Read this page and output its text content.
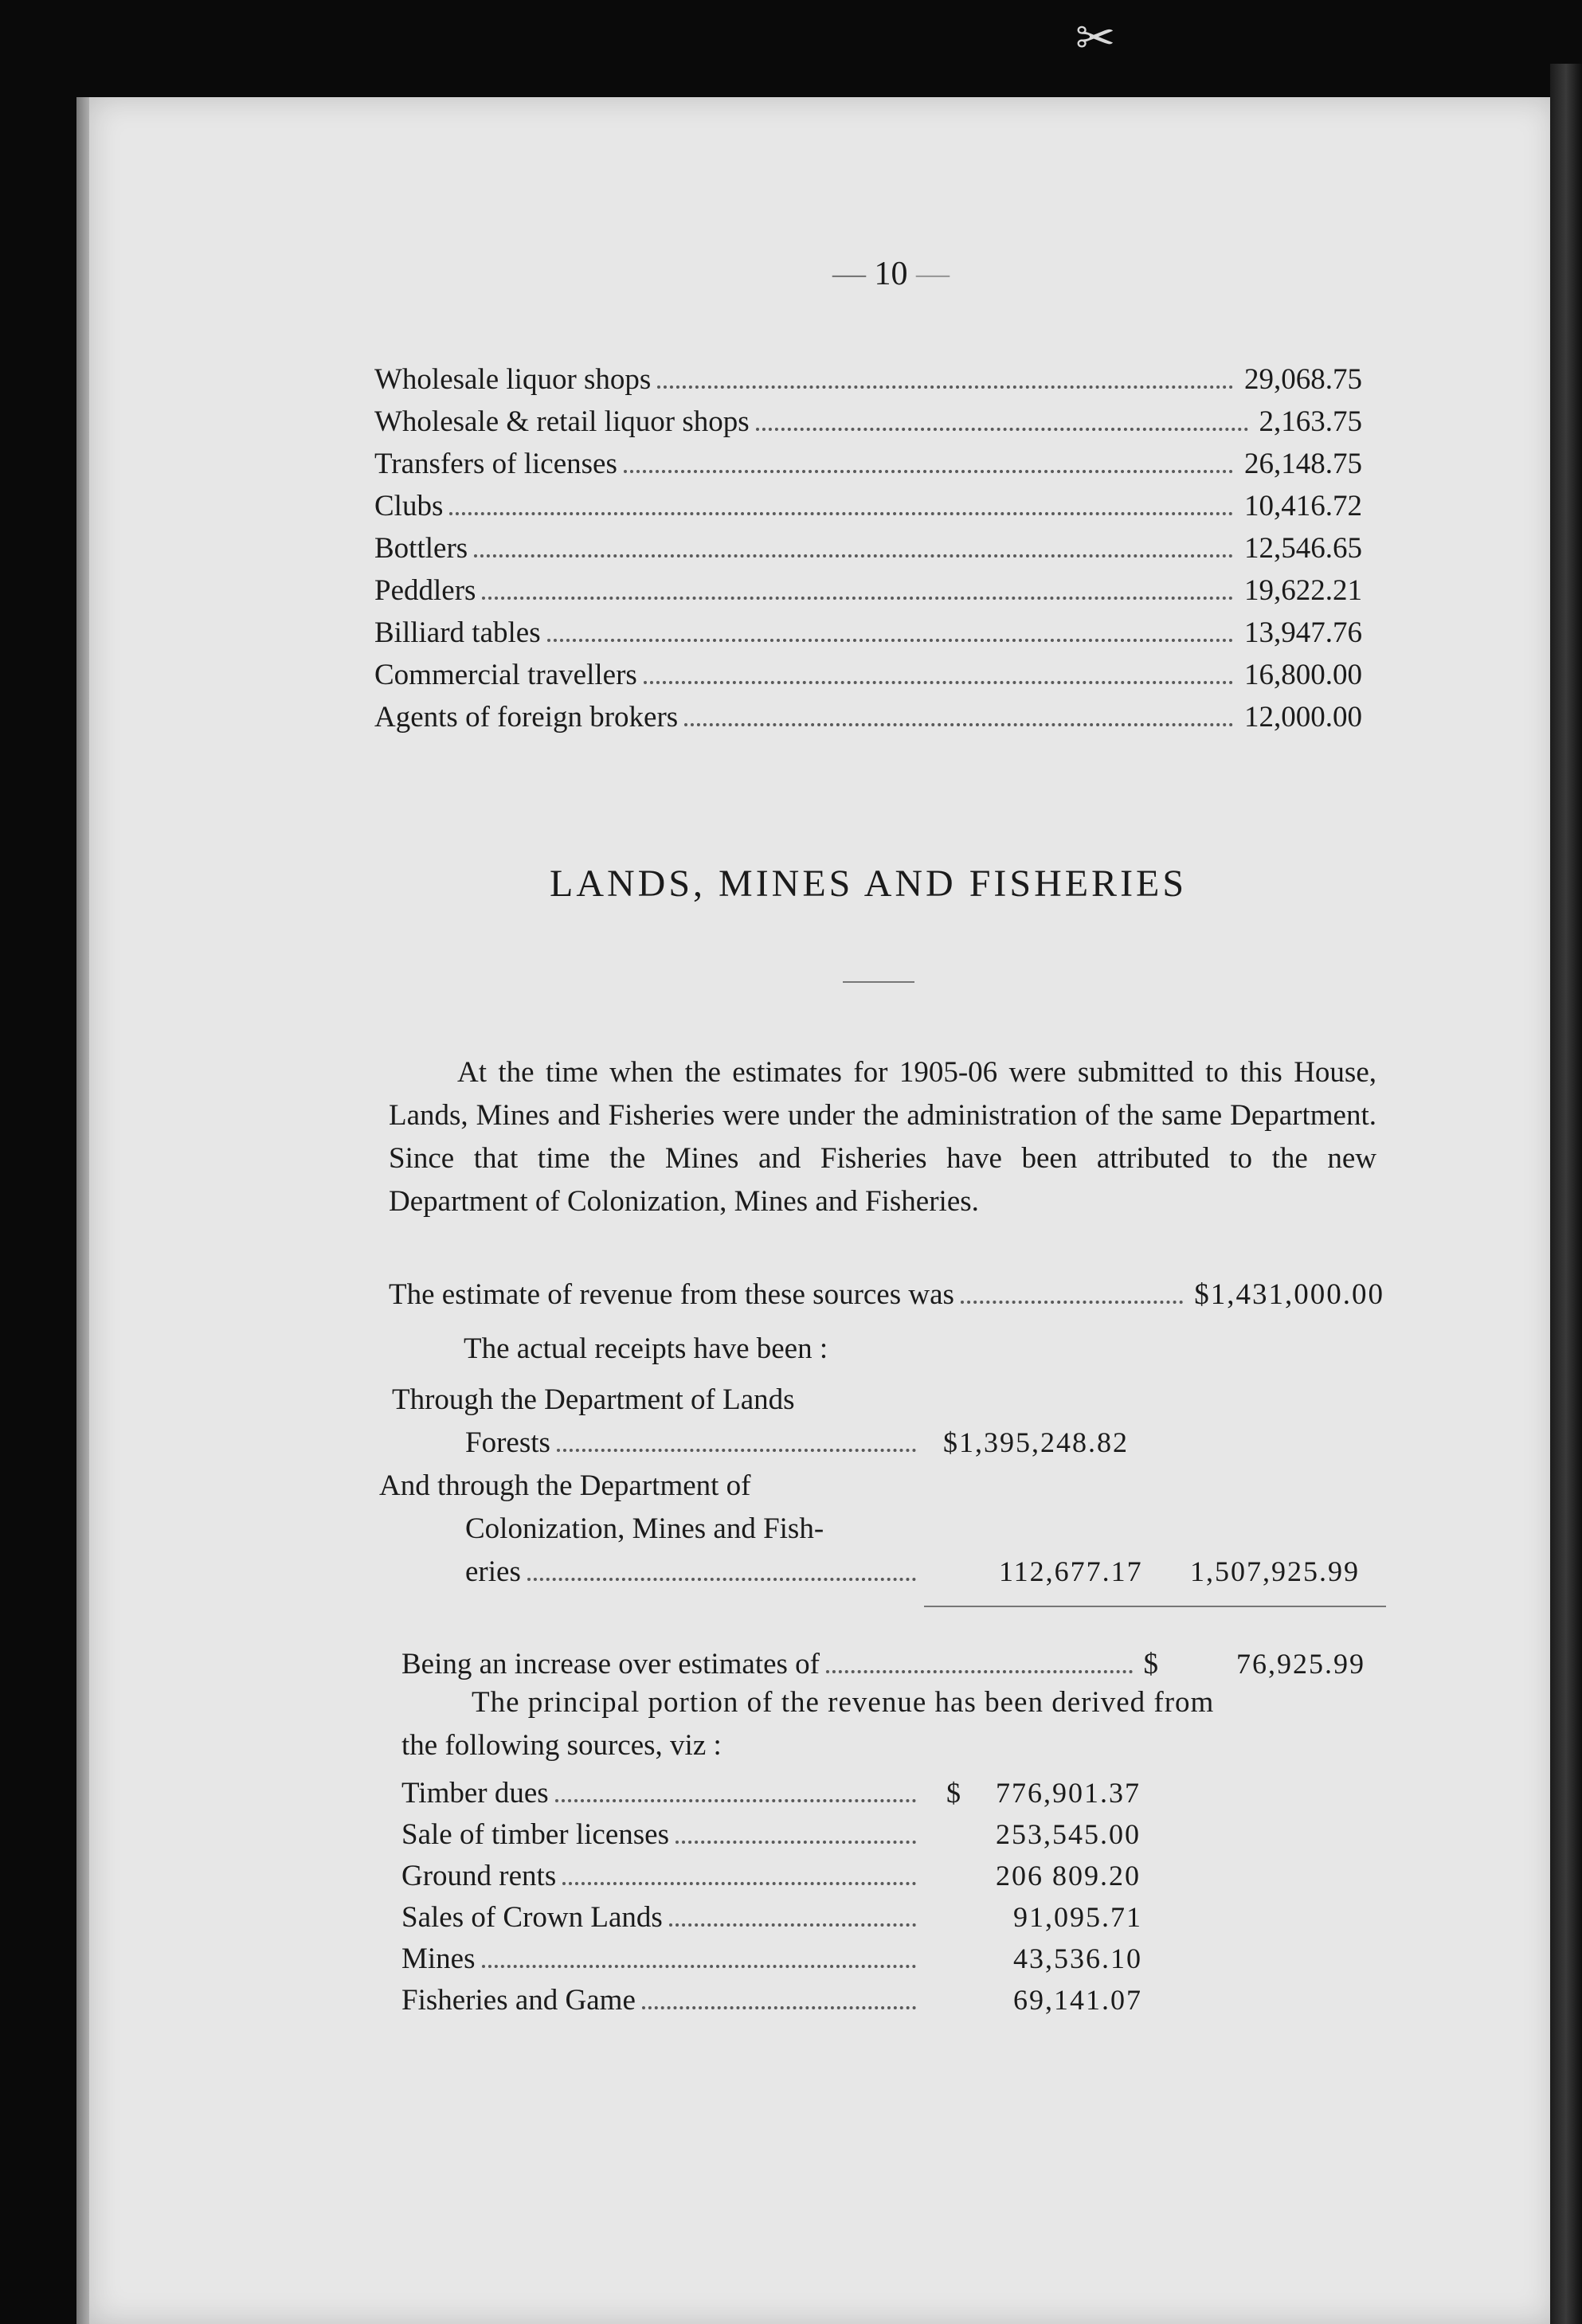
✂
— 10 —
Wholesale liquor shops	29,068.75
Wholesale & retail liquor shops	2,163.75
Transfers of licenses	26,148.75
Clubs	10,416.72
Bottlers	12,546.65
Peddlers	19,622.21
Billiard tables	13,947.76
Commercial travellers	16,800.00
Agents of foreign brokers	12,000.00
LANDS, MINES AND FISHERIES
At the time when the estimates for 1905-06 were submitted to this House, Lands, Mines and Fisheries were under the administration of the same Department. Since that time the Mines and Fisheries have been attributed to the new Department of Colonization, Mines and Fisheries.
The estimate of revenue from these sources was	$1,431,000.00
The actual receipts have been :
Through the Department of Lands
Forests	$1,395,248.82
And through the Department of
Colonization, Mines and Fish-
eries	112,677.17 1,507,925.99
Being an increase over estimates of	$	76,925.99
The principal portion of the revenue has been derived from
the following sources, viz :
Timber dues	$ 776,901.37
Sale of timber licenses	253,545.00
Ground rents	206 809.20
Sales of Crown Lands	91,095.71
Mines	43,536.10
Fisheries and Game	69,141.07
